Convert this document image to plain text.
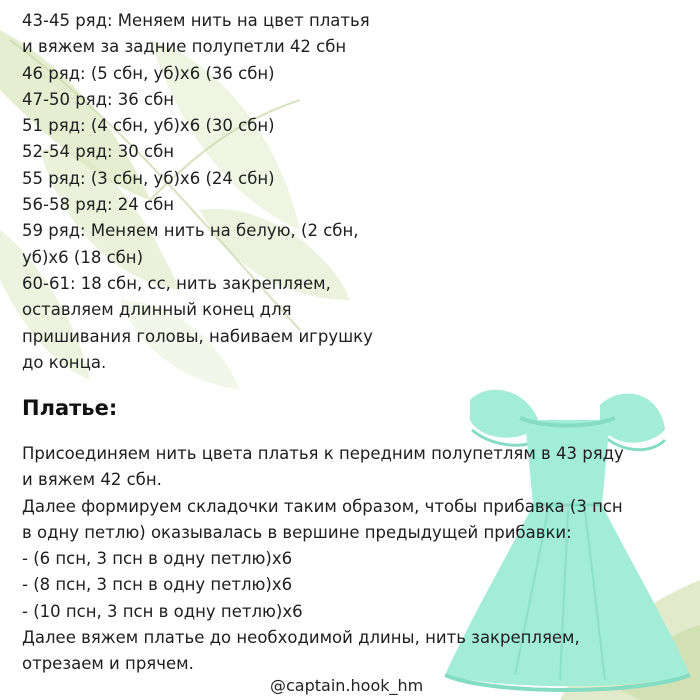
43-45 ряд: Меняем нить на цвет платья
и вяжем за задние полупетли 42 сбн
46 ряд: (5 сбн, уб)х6 (36 сбн)
47-50 ряд: 36 сбн
51 ряд: (4 сбн, уб)х6 (30 сбн)
52-54 ряд: 30 сбн
55 ряд: (3 сбн, уб)х6 (24 сбн)
56-58 ряд: 24 сбн
59 ряд: Меняем нить на белую, (2 сбн,
уб)х6 (18 сбн)
60-61: 18 сбн, сс, нить закрепляем,
оставляем длинный конец для
пришивания головы, набиваем игрушку
до конца.
Платье:
Присоединяем нить цвета платья к передним полупетлям в 43 ряду
и вяжем 42 сбн.
Далее формируем складочки таким образом, чтобы прибавка (3 псн
в одну петлю) оказывалась в вершине предыдущей прибавки:
- (6 псн, 3 псн в одну петлю)х6
- (8 псн, 3 псн в одну петлю)х6
- (10 псн, 3 псн в одну петлю)х6
Далее вяжем платье до необходимой длины, нить закрепляем,
отрезаем и прячем.
@captain.hook_hm
